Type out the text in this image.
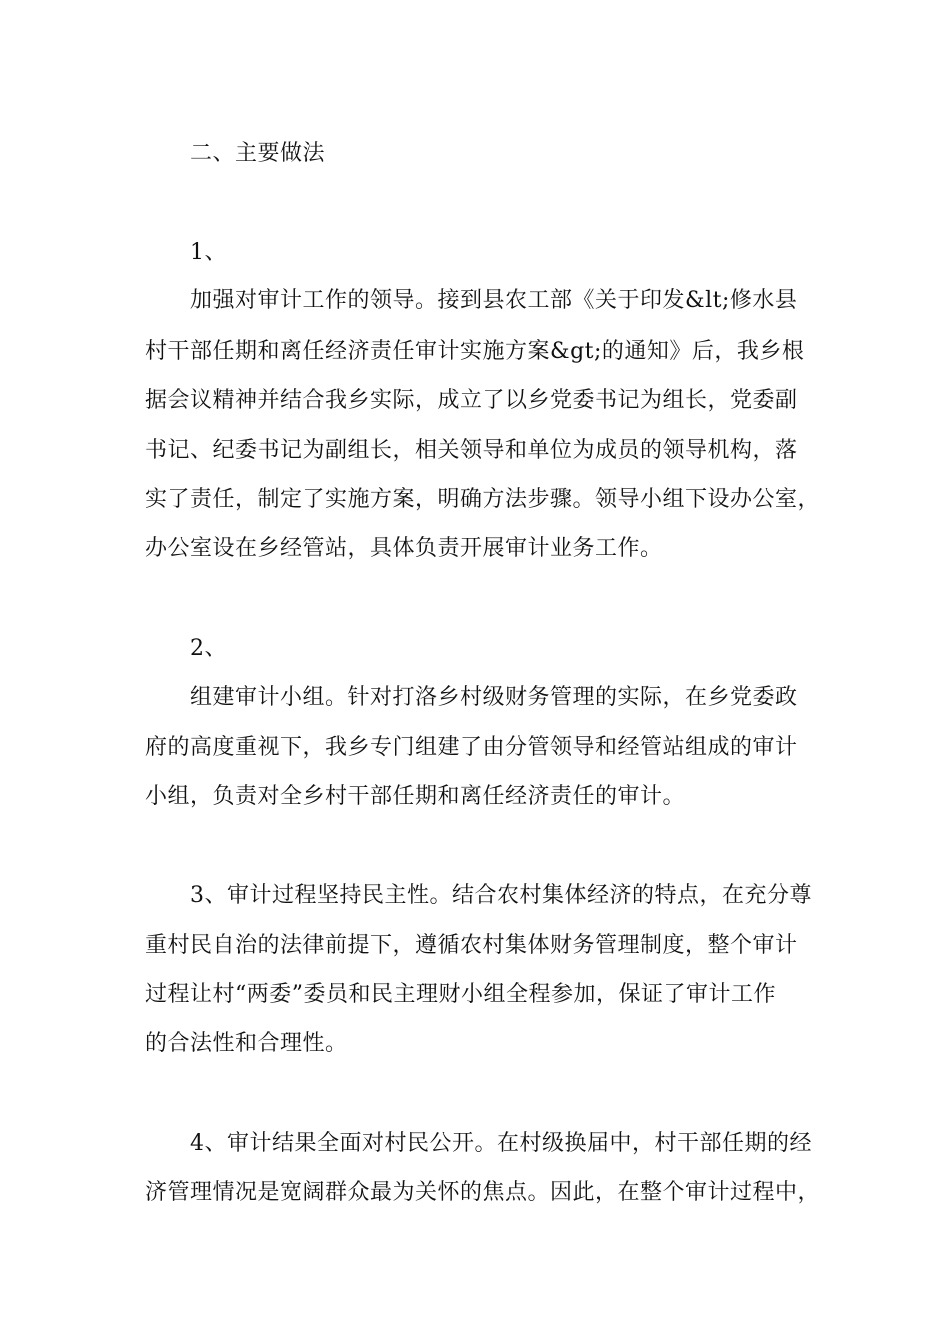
二、主要做法
1、
加强对审计工作的领导。接到县农工部《关于印发&lt;修水县
村干部任期和离任经济责任审计实施方案&gt;的通知》后，我乡根
据会议精神并结合我乡实际，成立了以乡党委书记为组长，党委副
书记、纪委书记为副组长，相关领导和单位为成员的领导机构，落
实了责任，制定了实施方案，明确方法步骤。领导小组下设办公室，
办公室设在乡经管站，具体负责开展审计业务工作。
2、
组建审计小组。针对打洛乡村级财务管理的实际，在乡党委政
府的高度重视下，我乡专门组建了由分管领导和经管站组成的审计
小组，负责对全乡村干部任期和离任经济责任的审计。
3、审计过程坚持民主性。结合农村集体经济的特点，在充分尊
重村民自治的法律前提下，遵循农村集体财务管理制度，整个审计
过程让村“两委”委员和民主理财小组全程参加，保证了审计工作
的合法性和合理性。
4、审计结果全面对村民公开。在村级换届中，村干部任期的经
济管理情况是宽阔群众最为关怀的焦点。因此，在整个审计过程中，
